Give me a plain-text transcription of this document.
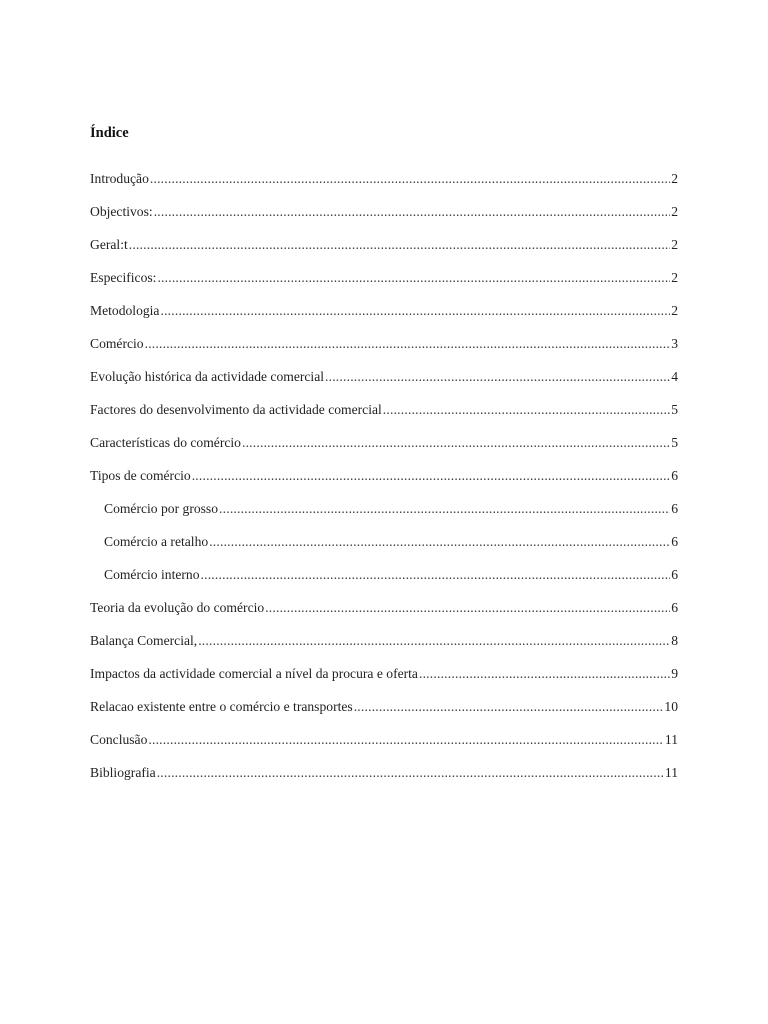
Índice
Introdução .....	2
Objectivos: .....	2
Geral:t .....	2
Especificos: .....	2
Metodologia .....	2
Comércio .....	3
Evolução histórica da actividade comercial .....	4
Factores do desenvolvimento da actividade comercial .....	5
Características do comércio .....	5
Tipos de comércio .....	6
Comércio por grosso .....	6
Comércio a retalho .....	6
Comércio interno .....	6
Teoria da evolução do comércio .....	6
Balança Comercial, .....	8
Impactos da actividade comercial a nível da procura e oferta .....	9
Relacao existente entre o comércio e transportes .....	10
Conclusão .....	11
Bibliografia .....	11
